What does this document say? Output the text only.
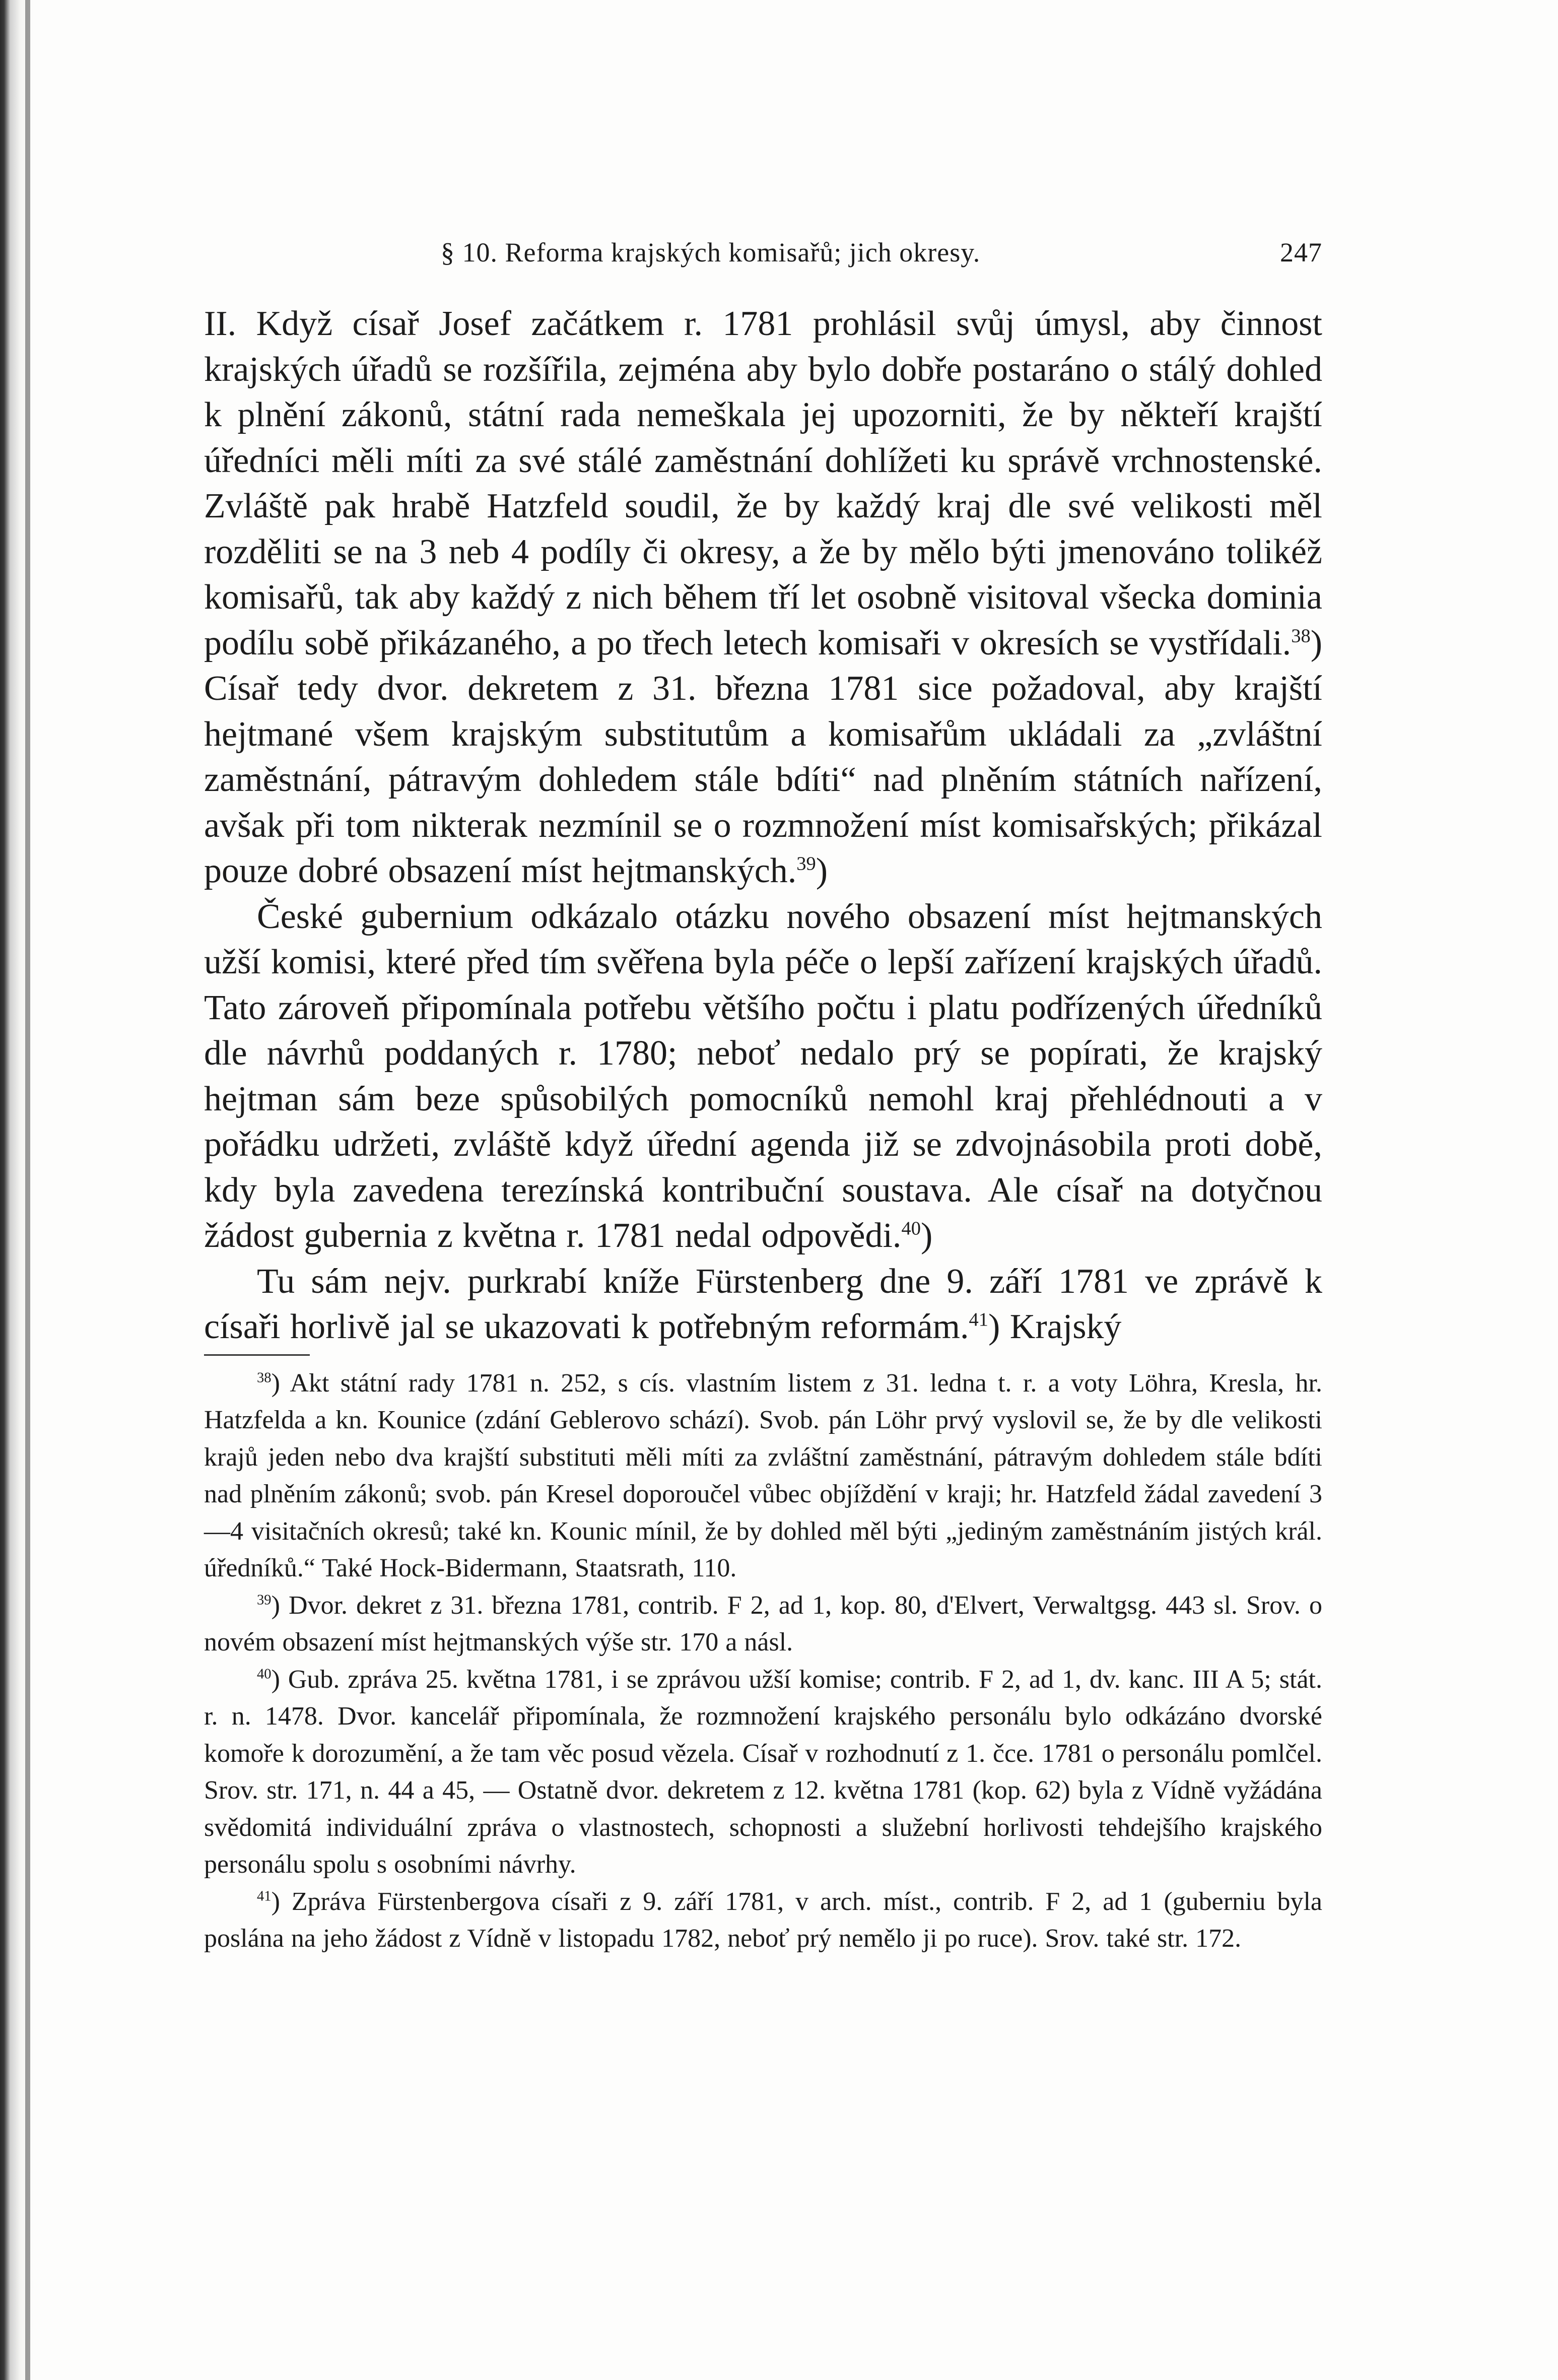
§ 10. Reforma krajských komisařů; jich okresy.	247

II. Když císař Josef začátkem r. 1781 prohlásil svůj úmysl, aby činnost krajských úřadů se rozšířila, zejména aby bylo dobře postaráno o stálý dohled k plnění zákonů, státní rada nemeškala jej upozorniti, že by někteří krajští úředníci měli míti za své stálé zaměstnání dohlížeti ku správě vrchnostenské. Zvláště pak hrabě Hatzfeld soudil, že by každý kraj dle své velikosti měl rozděliti se na 3 neb 4 podíly či okresy, a že by mělo býti jmenováno tolikéž komisařů, tak aby každý z nich během tří let osobně visitoval všecka dominia podílu sobě přikázaného, a po třech letech komisaři v okresích se vystřídali.$^{38}$) Císař tedy dvor. dekretem z 31. března 1781 sice požadoval, aby krajští hejtmané všem krajským substitutům a komisařům ukládali za „zvláštní zaměstnání, pátravým dohledem stále bdíti“ nad plněním státních nařízení, avšak při tom nikterak nezmínil se o rozmnožení míst komisařských; přikázal pouze dobré obsazení míst hejtmanských.$^{39}$)

České gubernium odkázalo otázku nového obsazení míst hejtmanských užší komisi, které před tím svěřena byla péče o lepší zařízení krajských úřadů. Tato zároveň připomínala potřebu většího počtu i platu podřízených úředníků dle návrhů poddaných r. 1780; neboť nedalo prý se popírati, že krajský hejtman sám beze spůsobilých pomocníků nemohl kraj přehlédnouti a v pořádku udržeti, zvláště když úřední agenda již se zdvojnásobila proti době, kdy byla zavedena terezínská kontribuční soustava. Ale císař na dotyčnou žádost gubernia z května r. 1781 nedal odpovědi.$^{40}$)

Tu sám nejv. purkrabí kníže Fürstenberg dne 9. září 1781 ve zprávě k císaři horlivě jal se ukazovati k potřebným reformám.$^{41}$) Krajský

$^{38}$) Akt státní rady 1781 n. 252, s cís. vlastním listem z 31. ledna t. r. a voty Löhra, Kresla, hr. Hatzfelda a kn. Kounice (zdání Geblerovo schází). Svob. pán Löhr prvý vyslovil se, že by dle velikosti krajů jeden nebo dva krajští substituti měli míti za zvláštní zaměstnání, pátravým dohledem stále bdíti nad plněním zákonů; svob. pán Kresel doporoučel vůbec objíždění v kraji; hr. Hatzfeld žádal zavedení 3—4 visitačních okresů; také kn. Kounic mínil, že by dohled měl býti „jediným zaměstnáním jistých král. úředníků.“ Také Hock-Bidermann, Staatsrath, 110.

$^{39}$) Dvor. dekret z 31. března 1781, contrib. F 2, ad 1, kop. 80, d'Elvert, Verwaltgsg. 443 sl. Srov. o novém obsazení míst hejtmanských výše str. 170 a násl.

$^{40}$) Gub. zpráva 25. května 1781, i se zprávou užší komise; contrib. F 2, ad 1, dv. kanc. III A 5; stát. r. n. 1478. Dvor. kancelář připomínala, že rozmnožení krajského personálu bylo odkázáno dvorské komoře k dorozumění, a že tam věc posud vězela. Císař v rozhodnutí z 1. čce. 1781 o personálu pomlčel. Srov. str. 171, n. 44 a 45, — Ostatně dvor. dekretem z 12. května 1781 (kop. 62) byla z Vídně vyžádána svědomitá individuální zpráva o vlastnostech, schopnosti a služební horlivosti tehdejšího krajského personálu spolu s osobními návrhy.

$^{41}$) Zpráva Fürstenbergova císaři z 9. září 1781, v arch. míst., contrib. F 2, ad 1 (guberniu byla poslána na jeho žádost z Vídně v listopadu 1782, neboť prý nemělo ji po ruce). Srov. také str. 172.
